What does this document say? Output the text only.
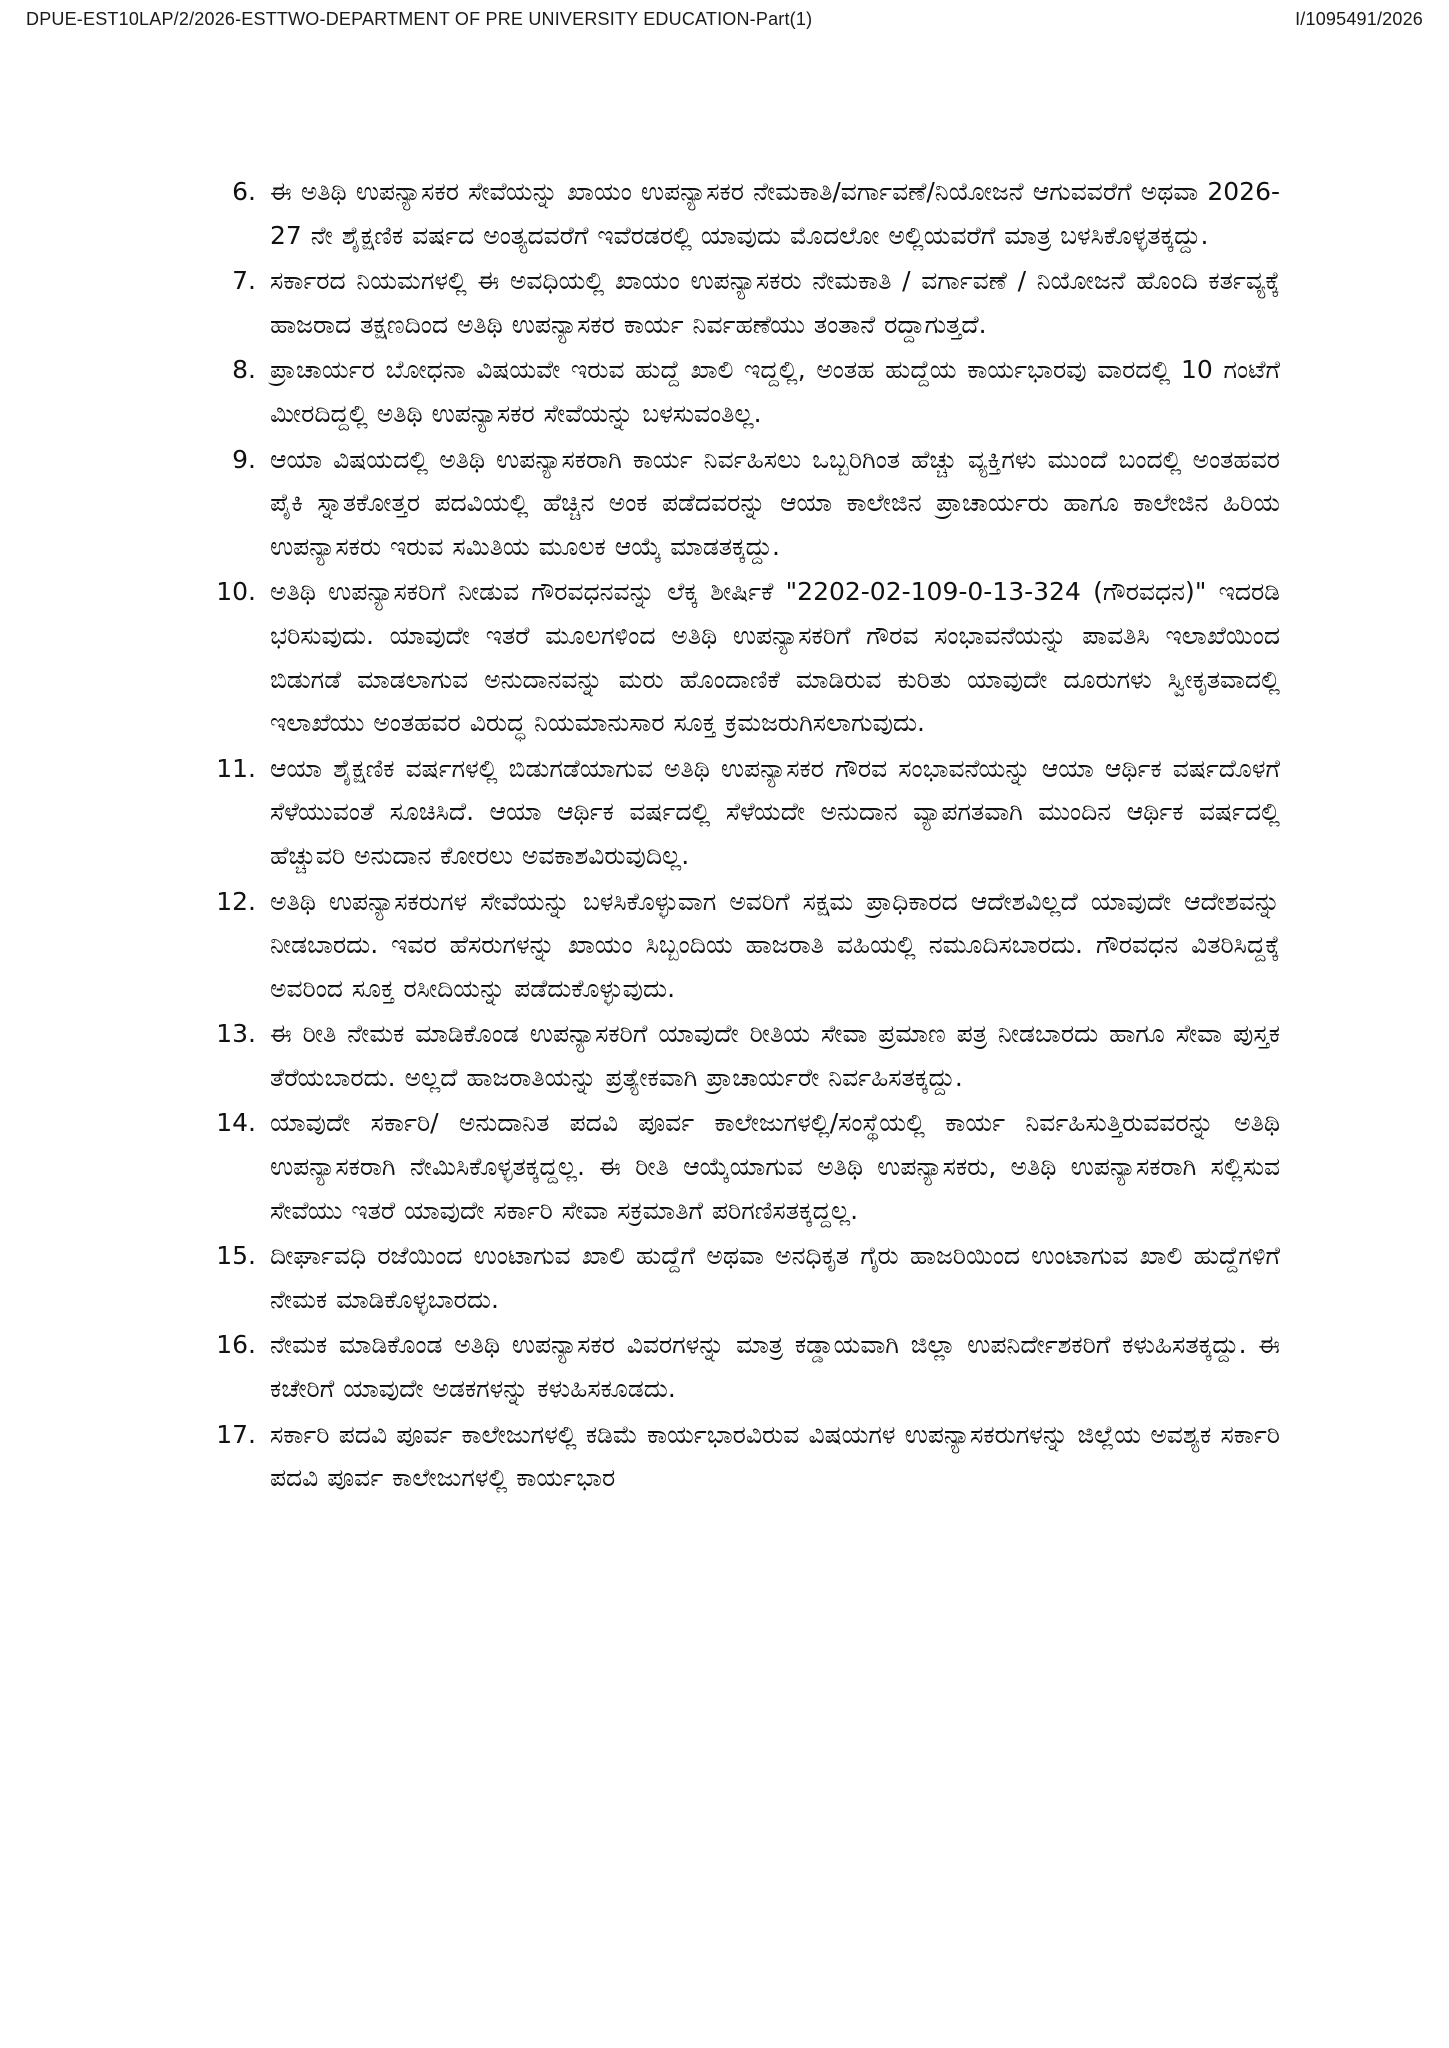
DPUE-EST10LAP/2/2026-ESTTWO-DEPARTMENT OF PRE UNIVERSITY EDUCATION-Part(1)	I/1095491/2026
6. ಈ ಅತಿಥಿ ಉಪನ್ಯಾಸಕರ ಸೇವೆಯನ್ನು ಖಾಯಂ ಉಪನ್ಯಾಸಕರ ನೇಮಕಾತಿ/ವರ್ಗಾವಣೆ/ನಿಯೋಜನೆ ಆಗುವವರೆಗೆ ಅಥವಾ 2026-27 ನೇ ಶೈಕ್ಷಣಿಕ ವರ್ಷದ ಅಂತ್ಯದವರೆಗೆ ಇವೆರಡರಲ್ಲಿ ಯಾವುದು ಮೊದಲೋ ಅಲ್ಲಿಯವರೆಗೆ ಮಾತ್ರ ಬಳಸಿಕೊಳ್ಳತಕ್ಕದ್ದು.
7. ಸರ್ಕಾರದ ನಿಯಮಗಳಲ್ಲಿ ಈ ಅವಧಿಯಲ್ಲಿ ಖಾಯಂ ಉಪನ್ಯಾಸಕರು ನೇಮಕಾತಿ / ವರ್ಗಾವಣೆ / ನಿಯೋಜನೆ ಹೊಂದಿ ಕರ್ತವ್ಯಕ್ಕೆ ಹಾಜರಾದ ತಕ್ಷಣದಿಂದ ಅತಿಥಿ ಉಪನ್ಯಾಸಕರ ಕಾರ್ಯ ನಿರ್ವಹಣೆಯು ತಂತಾನೆ ರದ್ದಾಗುತ್ತದೆ.
8. ಪ್ರಾಚಾರ್ಯರ ಬೋಧನಾ ವಿಷಯವೇ ಇರುವ ಹುದ್ದೆ ಖಾಲಿ ಇದ್ದಲ್ಲಿ, ಅಂತಹ ಹುದ್ದೆಯ ಕಾರ್ಯಭಾರವು ವಾರದಲ್ಲಿ 10 ಗಂಟೆಗೆ ಮೀರದಿದ್ದಲ್ಲಿ ಅತಿಥಿ ಉಪನ್ಯಾಸಕರ ಸೇವೆಯನ್ನು ಬಳಸುವಂತಿಲ್ಲ.
9. ಆಯಾ ವಿಷಯದಲ್ಲಿ ಅತಿಥಿ ಉಪನ್ಯಾಸಕರಾಗಿ ಕಾರ್ಯ ನಿರ್ವಹಿಸಲು ಒಬ್ಬರಿಗಿಂತ ಹೆಚ್ಚು ವ್ಯಕ್ತಿಗಳು ಮುಂದೆ ಬಂದಲ್ಲಿ ಅಂತಹವರ ಪೈಕಿ ಸ್ನಾತಕೋತ್ತರ ಪದವಿಯಲ್ಲಿ ಹೆಚ್ಚಿನ ಅಂಕ ಪಡೆದವರನ್ನು ಆಯಾ ಕಾಲೇಜಿನ ಪ್ರಾಚಾರ್ಯರು ಹಾಗೂ ಕಾಲೇಜಿನ ಹಿರಿಯ ಉಪನ್ಯಾಸಕರು ಇರುವ ಸಮಿತಿಯ ಮೂಲಕ ಆಯ್ಕೆ ಮಾಡತಕ್ಕದ್ದು.
10. ಅತಿಥಿ ಉಪನ್ಯಾಸಕರಿಗೆ ನೀಡುವ ಗೌರವಧನವನ್ನು ಲೆಕ್ಕ ಶೀರ್ಷಿಕೆ "2202-02-109-0-13-324 (ಗೌರವಧನ)" ಇದರಡಿ ಭರಿಸುವುದು. ಯಾವುದೇ ಇತರೆ ಮೂಲಗಳಿಂದ ಅತಿಥಿ ಉಪನ್ಯಾಸಕರಿಗೆ ಗೌರವ ಸಂಭಾವನೆಯನ್ನು ಪಾವತಿಸಿ ಇಲಾಖೆಯಿಂದ ಬಿಡುಗಡೆ ಮಾಡಲಾಗುವ ಅನುದಾನವನ್ನು ಮರು ಹೊಂದಾಣಿಕೆ ಮಾಡಿರುವ ಕುರಿತು ಯಾವುದೇ ದೂರುಗಳು ಸ್ವೀಕೃತವಾದಲ್ಲಿ ಇಲಾಖೆಯು ಅಂತಹವರ ವಿರುದ್ಧ ನಿಯಮಾನುಸಾರ ಸೂಕ್ತ ಕ್ರಮಜರುಗಿಸಲಾಗುವುದು.
11. ಆಯಾ ಶೈಕ್ಷಣಿಕ ವರ್ಷಗಳಲ್ಲಿ ಬಿಡುಗಡೆಯಾಗುವ ಅತಿಥಿ ಉಪನ್ಯಾಸಕರ ಗೌರವ ಸಂಭಾವನೆಯನ್ನು ಆಯಾ ಆರ್ಥಿಕ ವರ್ಷದೊಳಗೆ ಸೆಳೆಯುವಂತೆ ಸೂಚಿಸಿದೆ. ಆಯಾ ಆರ್ಥಿಕ ವರ್ಷದಲ್ಲಿ ಸೆಳೆಯದೇ ಅನುದಾನ ವ್ಯಾಪಗತವಾಗಿ ಮುಂದಿನ ಆರ್ಥಿಕ ವರ್ಷದಲ್ಲಿ ಹೆಚ್ಚುವರಿ ಅನುದಾನ ಕೋರಲು ಅವಕಾಶವಿರುವುದಿಲ್ಲ.
12. ಅತಿಥಿ ಉಪನ್ಯಾಸಕರುಗಳ ಸೇವೆಯನ್ನು ಬಳಸಿಕೊಳ್ಳುವಾಗ ಅವರಿಗೆ ಸಕ್ಷಮ ಪ್ರಾಧಿಕಾರದ ಆದೇಶವಿಲ್ಲದೆ ಯಾವುದೇ ಆದೇಶವನ್ನು ನೀಡಬಾರದು. ಇವರ ಹೆಸರುಗಳನ್ನು ಖಾಯಂ ಸಿಬ್ಬಂದಿಯ ಹಾಜರಾತಿ ವಹಿಯಲ್ಲಿ ನಮೂದಿಸಬಾರದು. ಗೌರವಧನ ವಿತರಿಸಿದ್ದಕ್ಕೆ ಅವರಿಂದ ಸೂಕ್ತ ರಸೀದಿಯನ್ನು ಪಡೆದುಕೊಳ್ಳುವುದು.
13. ಈ ರೀತಿ ನೇಮಕ ಮಾಡಿಕೊಂಡ ಉಪನ್ಯಾಸಕರಿಗೆ ಯಾವುದೇ ರೀತಿಯ ಸೇವಾ ಪ್ರಮಾಣ ಪತ್ರ ನೀಡಬಾರದು ಹಾಗೂ ಸೇವಾ ಪುಸ್ತಕ ತೆರೆಯಬಾರದು. ಅಲ್ಲದೆ ಹಾಜರಾತಿಯನ್ನು ಪ್ರತ್ಯೇಕವಾಗಿ ಪ್ರಾಚಾರ್ಯರೇ ನಿರ್ವಹಿಸತಕ್ಕದ್ದು.
14. ಯಾವುದೇ ಸರ್ಕಾರಿ/ ಅನುದಾನಿತ ಪದವಿ ಪೂರ್ವ ಕಾಲೇಜುಗಳಲ್ಲಿ/ಸಂಸ್ಥೆಯಲ್ಲಿ ಕಾರ್ಯ ನಿರ್ವಹಿಸುತ್ತಿರುವವರನ್ನು ಅತಿಥಿ ಉಪನ್ಯಾಸಕರಾಗಿ ನೇಮಿಸಿಕೊಳ್ಳತಕ್ಕದ್ದಲ್ಲ. ಈ ರೀತಿ ಆಯ್ಕೆಯಾಗುವ ಅತಿಥಿ ಉಪನ್ಯಾಸಕರು, ಅತಿಥಿ ಉಪನ್ಯಾಸಕರಾಗಿ ಸಲ್ಲಿಸುವ ಸೇವೆಯು ಇತರೆ ಯಾವುದೇ ಸರ್ಕಾರಿ ಸೇವಾ ಸಕ್ರಮಾತಿಗೆ ಪರಿಗಣಿಸತಕ್ಕದ್ದಲ್ಲ.
15. ದೀರ್ಘಾವಧಿ ರಜೆಯಿಂದ ಉಂಟಾಗುವ ಖಾಲಿ ಹುದ್ದೆಗೆ ಅಥವಾ ಅನಧಿಕೃತ ಗೈರು ಹಾಜರಿಯಿಂದ ಉಂಟಾಗುವ ಖಾಲಿ ಹುದ್ದೆಗಳಿಗೆ ನೇಮಕ ಮಾಡಿಕೊಳ್ಳಬಾರದು.
16. ನೇಮಕ ಮಾಡಿಕೊಂಡ ಅತಿಥಿ ಉಪನ್ಯಾಸಕರ ವಿವರಗಳನ್ನು ಮಾತ್ರ ಕಡ್ಡಾಯವಾಗಿ ಜಿಲ್ಲಾ ಉಪನಿರ್ದೇಶಕರಿಗೆ ಕಳುಹಿಸತಕ್ಕದ್ದು. ಈ ಕಚೇರಿಗೆ ಯಾವುದೇ ಅಡಕಗಳನ್ನು ಕಳುಹಿಸಕೂಡದು.
17. ಸರ್ಕಾರಿ ಪದವಿ ಪೂರ್ವ ಕಾಲೇಜುಗಳಲ್ಲಿ ಕಡಿಮೆ ಕಾರ್ಯಭಾರವಿರುವ ವಿಷಯಗಳ ಉಪನ್ಯಾಸಕರುಗಳನ್ನು ಜಿಲ್ಲೆಯ ಅವಶ್ಯಕ ಸರ್ಕಾರಿ ಪದವಿ ಪೂರ್ವ ಕಾಲೇಜುಗಳಲ್ಲಿ ಕಾರ್ಯಭಾರ
